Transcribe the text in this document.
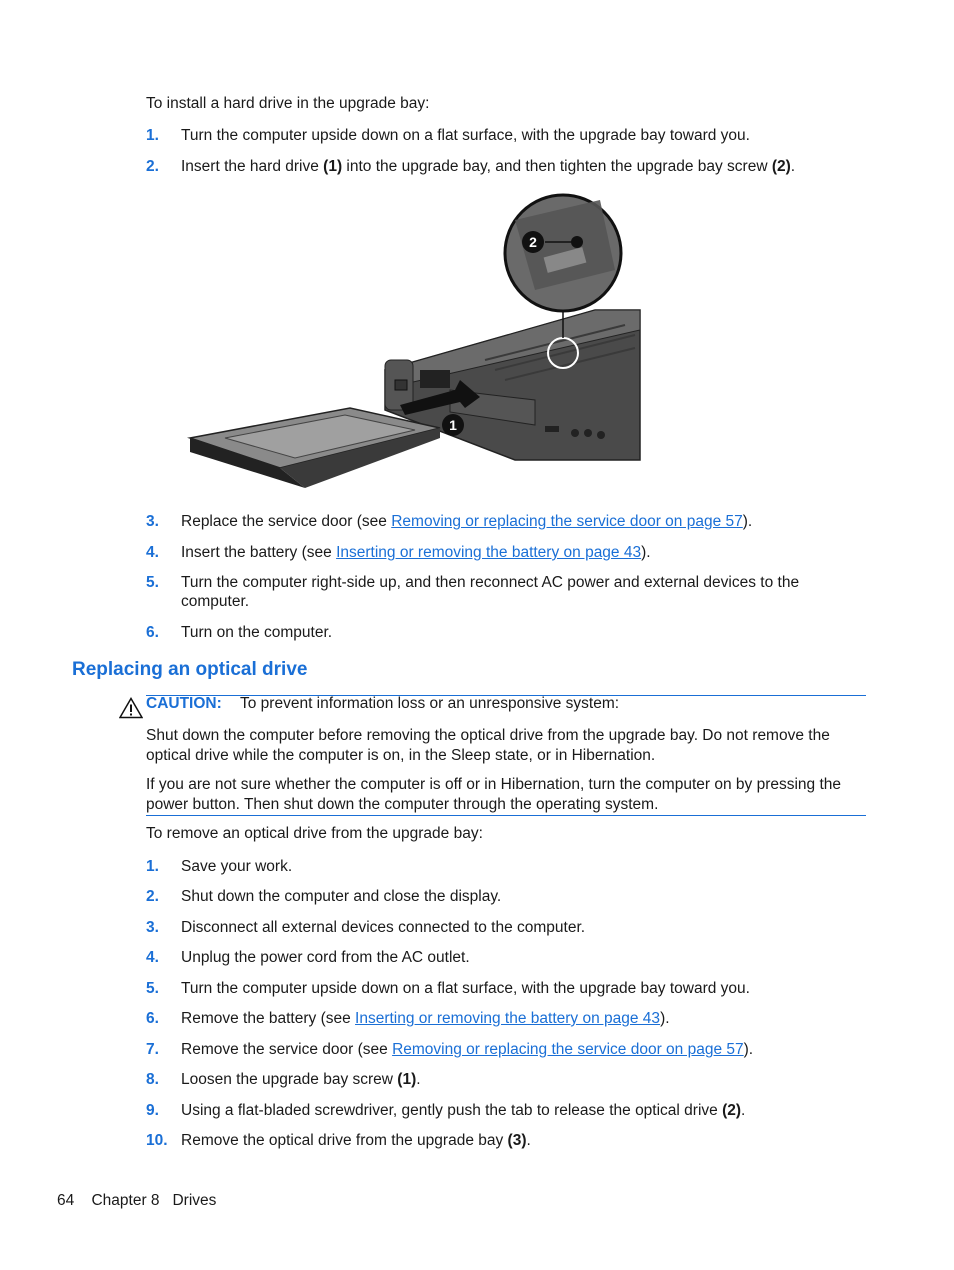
To install a hard drive in the upgrade bay:
1. Turn the computer upside down on a flat surface, with the upgrade bay toward you.
2. Insert the hard drive (1) into the upgrade bay, and then tighten the upgrade bay screw (2).
2
1
3. Replace the service door (see Removing or replacing the service door on page 57).
4. Insert the battery (see Inserting or removing the battery on page 43).
5. Turn the computer right-side up, and then reconnect AC power and external devices to the computer.
6. Turn on the computer.
Replacing an optical drive
CAUTION: To prevent information loss or an unresponsive system:
Shut down the computer before removing the optical drive from the upgrade bay. Do not remove the optical drive while the computer is on, in the Sleep state, or in Hibernation.
If you are not sure whether the computer is off or in Hibernation, turn the computer on by pressing the power button. Then shut down the computer through the operating system.
To remove an optical drive from the upgrade bay:
1. Save your work.
2. Shut down the computer and close the display.
3. Disconnect all external devices connected to the computer.
4. Unplug the power cord from the AC outlet.
5. Turn the computer upside down on a flat surface, with the upgrade bay toward you.
6. Remove the battery (see Inserting or removing the battery on page 43).
7. Remove the service door (see Removing or replacing the service door on page 57).
8. Loosen the upgrade bay screw (1).
9. Using a flat-bladed screwdriver, gently push the tab to release the optical drive (2).
10. Remove the optical drive from the upgrade bay (3).
64 Chapter 8 Drives
